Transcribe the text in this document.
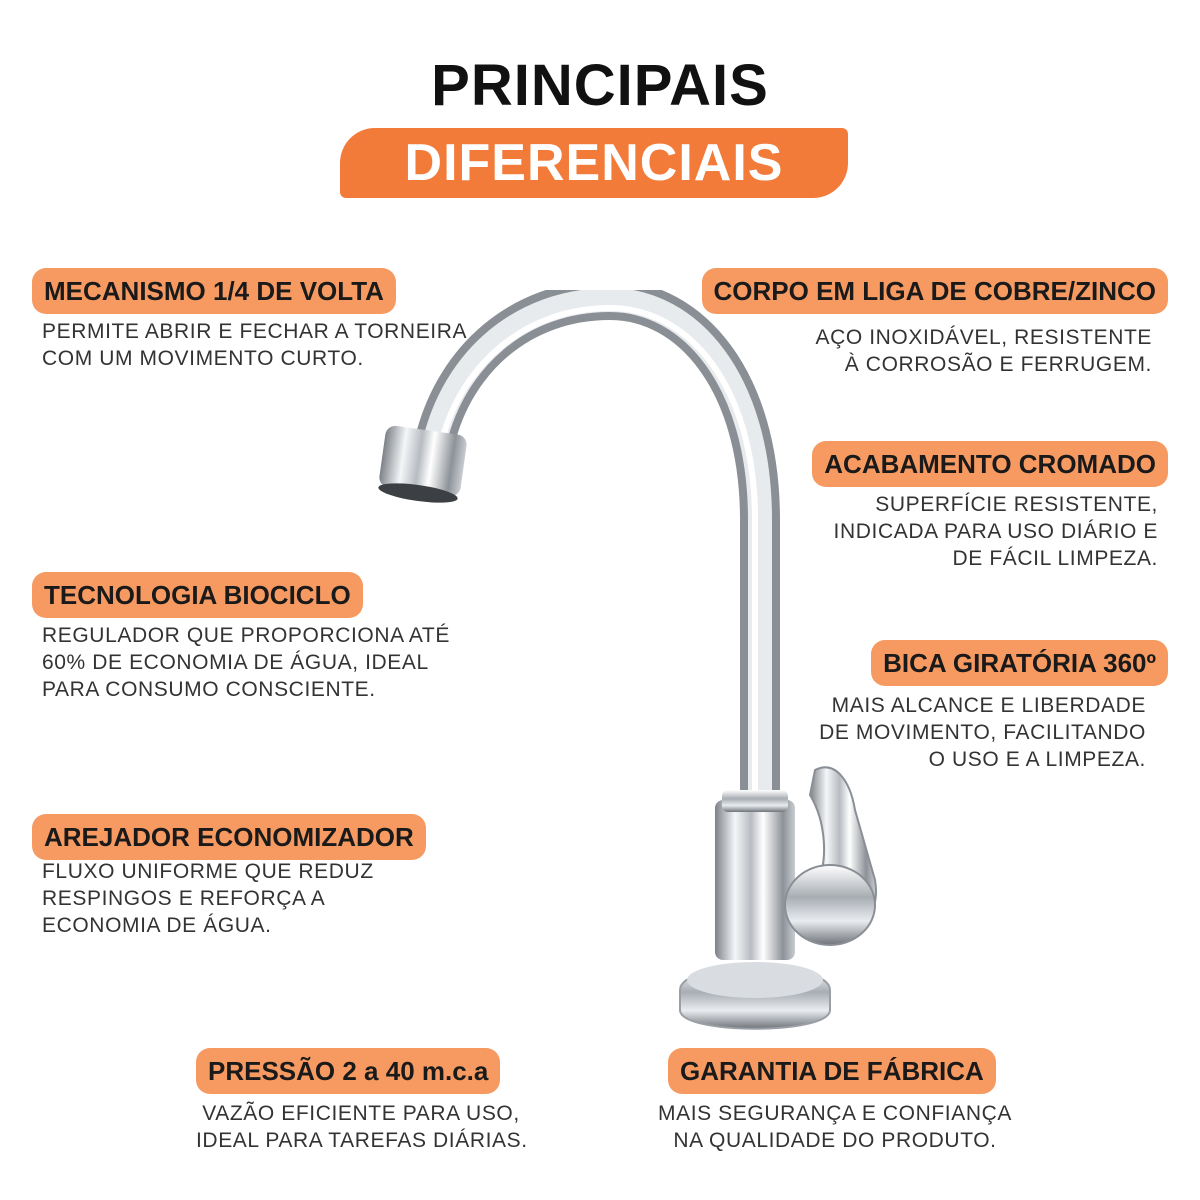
PRINCIPAIS
DIFERENCIAIS
MECANISMO 1/4 DE VOLTA
PERMITE ABRIR E FECHAR A TORNEIRA
COM UM MOVIMENTO CURTO.
TECNOLOGIA BIOCICLO
REGULADOR QUE PROPORCIONA ATÉ
60% DE ECONOMIA DE ÁGUA, IDEAL
PARA CONSUMO CONSCIENTE.
AREJADOR ECONOMIZADOR
FLUXO UNIFORME QUE REDUZ
RESPINGOS E REFORÇA A
ECONOMIA DE ÁGUA.
PRESSÃO 2 a 40 m.c.a
VAZÃO EFICIENTE PARA USO,
IDEAL PARA TAREFAS DIÁRIAS.
CORPO EM LIGA DE COBRE/ZINCO
AÇO INOXIDÁVEL, RESISTENTE
À CORROSÃO E FERRUGEM.
ACABAMENTO CROMADO
SUPERFÍCIE RESISTENTE,
INDICADA PARA USO DIÁRIO E
DE FÁCIL LIMPEZA.
BICA GIRATÓRIA 360º
MAIS ALCANCE E LIBERDADE
DE MOVIMENTO, FACILITANDO
O USO E A LIMPEZA.
GARANTIA DE FÁBRICA
MAIS SEGURANÇA E CONFIANÇA
NA QUALIDADE DO PRODUTO.
